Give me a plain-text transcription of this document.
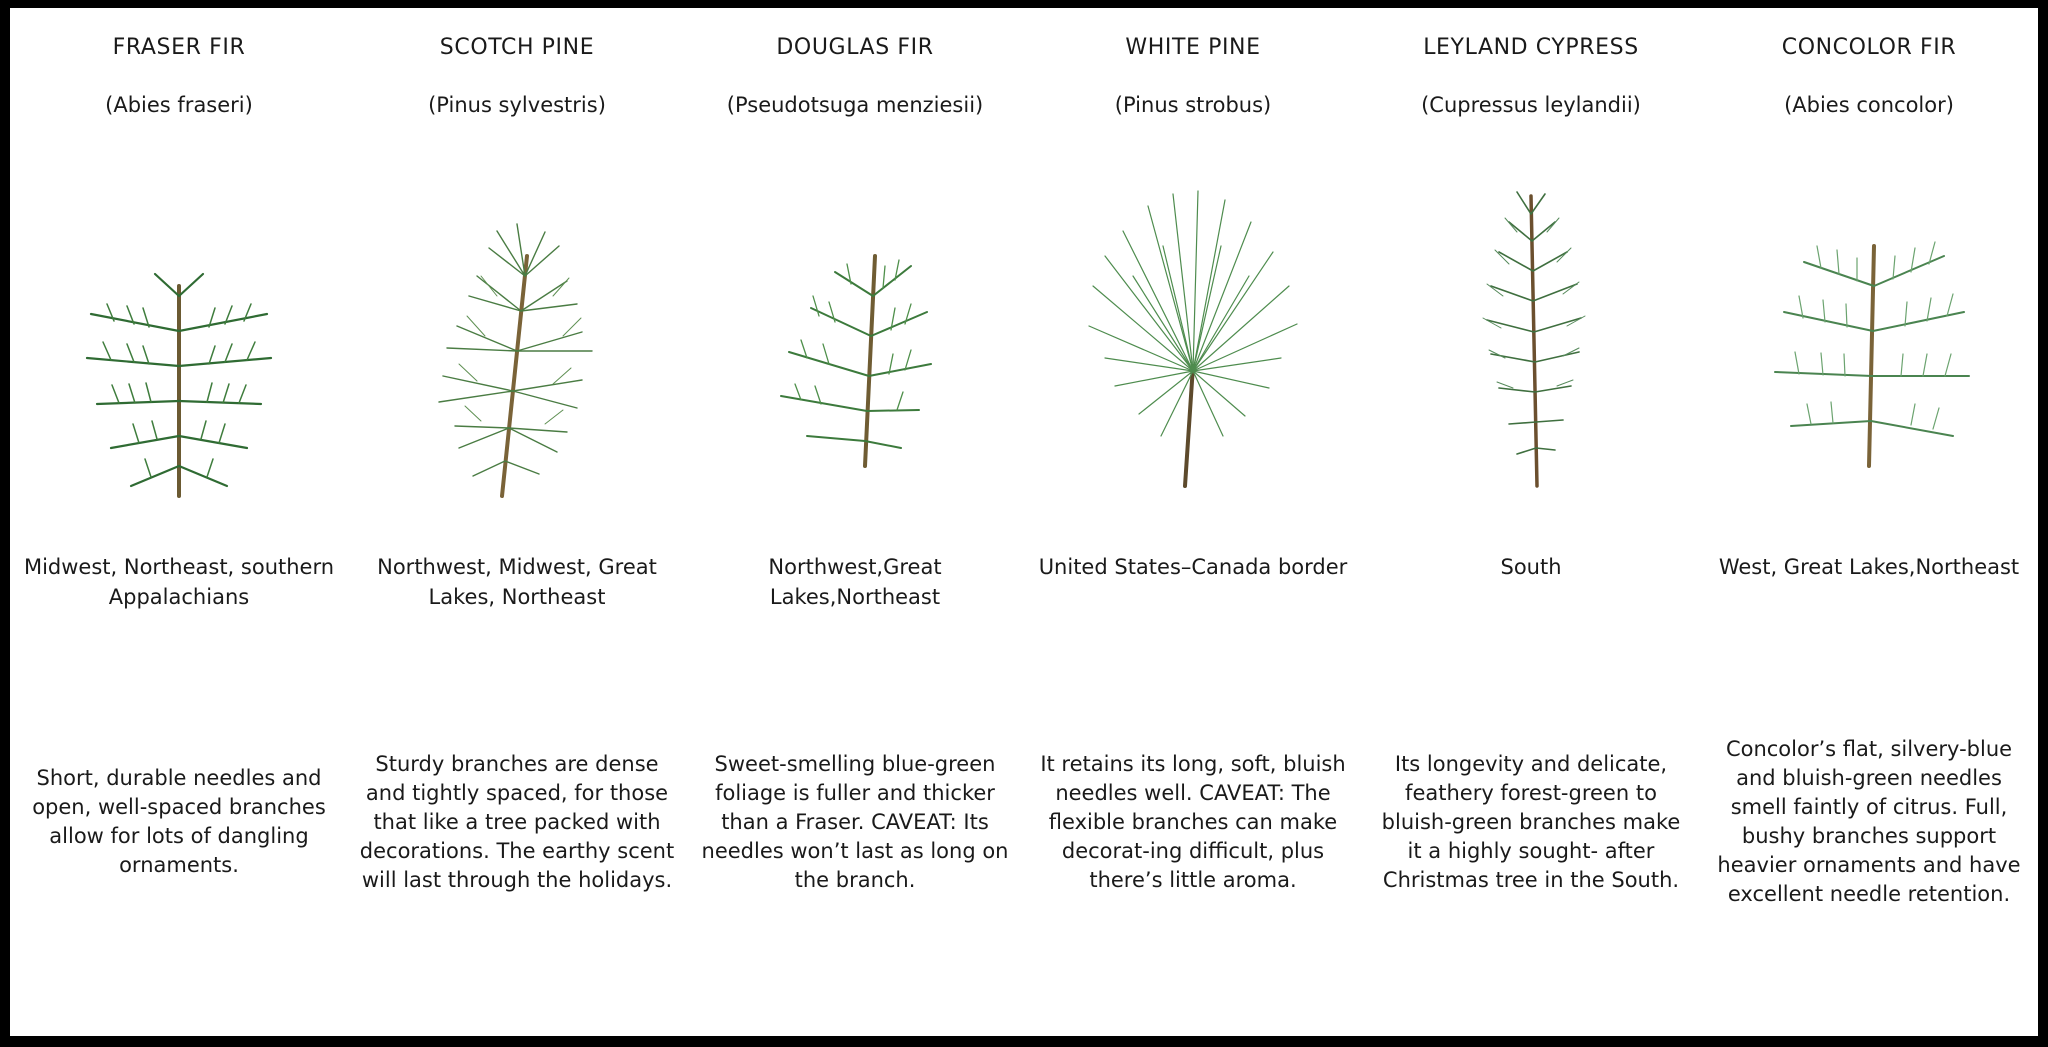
FRASER FIR
(Abies fraseri)
Midwest, Northeast, southern Appalachians
Short, durable needles and open, well-spaced branches allow for lots of dangling ornaments.
SCOTCH PINE
(Pinus sylvestris)
Northwest, Midwest, Great Lakes, Northeast
Sturdy branches are dense and tightly spaced, for those that like a tree packed with decorations. The earthy scent will last through the holidays.
DOUGLAS FIR
(Pseudotsuga menziesii)
Northwest,Great Lakes,Northeast
Sweet-smelling blue-green foliage is fuller and thicker than a Fraser. CAVEAT: Its needles won’t last as long on the branch.
WHITE PINE
(Pinus strobus)
United States–Canada border
It retains its long, soft, bluish needles well. CAVEAT: The flexible branches can make decorat-ing difficult, plus there’s little aroma.
LEYLAND CYPRESS
(Cupressus leylandii)
South
Its longevity and delicate, feathery forest-green to bluish-green branches make it a highly sought- after Christmas tree in the South.
CONCOLOR FIR
(Abies concolor)
West, Great Lakes,Northeast
Concolor’s flat, silvery-blue and bluish-green needles smell faintly of citrus. Full, bushy branches support heavier ornaments and have excellent needle retention.
